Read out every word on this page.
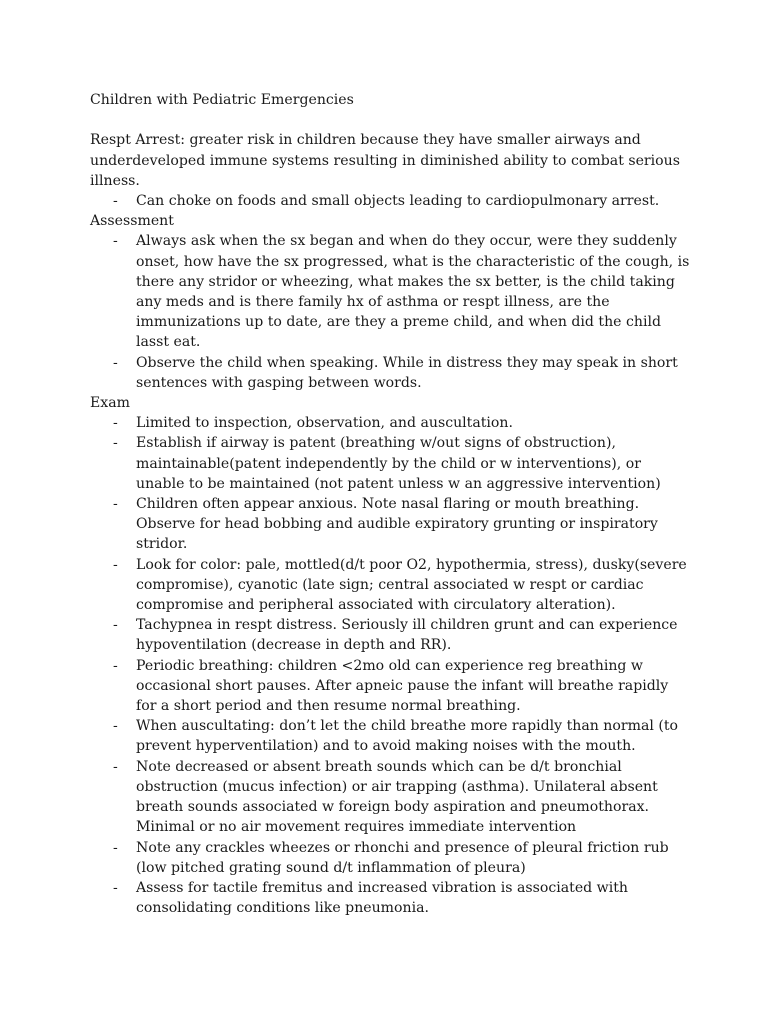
Children with Pediatric Emergencies

Respt Arrest: greater risk in children because they have smaller airways and underdeveloped immune systems resulting in diminished ability to combat serious illness.

- Can choke on foods and small objects leading to cardiopulmonary arrest.

Assessment

- Always ask when the sx began and when do they occur, were they suddenly onset, how have the sx progressed, what is the characteristic of the cough, is there any stridor or wheezing, what makes the sx better, is the child taking any meds and is there family hx of asthma or respt illness, are the immunizations up to date, are they a preme child, and when did the child lasst eat.
- Observe the child when speaking. While in distress they may speak in short sentences with gasping between words.

Exam

- Limited to inspection, observation, and auscultation.
- Establish if airway is patent (breathing w/out signs of obstruction), maintainable(patent independently by the child or w interventions), or unable to be maintained (not patent unless w an aggressive intervention)
- Children often appear anxious. Note nasal flaring or mouth breathing. Observe for head bobbing and audible expiratory grunting or inspiratory stridor.
- Look for color: pale, mottled(d/t poor O2, hypothermia, stress), dusky(severe compromise), cyanotic (late sign; central associated w respt or cardiac compromise and peripheral associated with circulatory alteration).
- Tachypnea in respt distress. Seriously ill children grunt and can experience hypoventilation (decrease in depth and RR).
- Periodic breathing: children <2mo old can experience reg breathing w occasional short pauses. After apneic pause the infant will breathe rapidly for a short period and then resume normal breathing.
- When auscultating: don’t let the child breathe more rapidly than normal (to prevent hyperventilation) and to avoid making noises with the mouth.
- Note decreased or absent breath sounds which can be d/t bronchial obstruction (mucus infection) or air trapping (asthma). Unilateral absent breath sounds associated w foreign body aspiration and pneumothorax. Minimal or no air movement requires immediate intervention
- Note any crackles wheezes or rhonchi and presence of pleural friction rub (low pitched grating sound d/t inflammation of pleura)
- Assess for tactile fremitus and increased vibration is associated with consolidating conditions like pneumonia.
